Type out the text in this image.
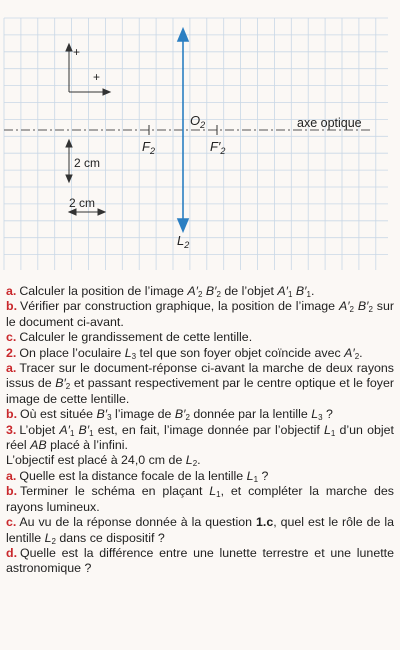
+
+
2 cm
2 cm
$O_2$
$F_2$	$F'_2$
$L_2$
axe optique

a. Calculer la position de l’image $A'_2$ $B'_2$ de l’objet $A'_1$ $B'_1$.

b. Vérifier par construction graphique, la position de l’image $A'_2$ $B'_2$ sur le document ci-avant.

c. Calculer le grandissement de cette lentille.

2. On place l’oculaire $L_3$ tel que son foyer objet coïncide avec $A'_2$.

a. Tracer sur le document-réponse ci-avant la marche de deux rayons issus de $B'_2$ et passant respectivement par le centre optique et le foyer image de cette lentille.

b. Où est située $B'_3$ l’image de $B'_2$ donnée par la lentille $L_3$ ?

3. L’objet $A'_1$ $B'_1$ est, en fait, l’image donnée par l’objectif $L_1$ d’un objet réel AB placé à l’infini.

L’objectif est placé à 24,0 cm de $L_2$.

a. Quelle est la distance focale de la lentille $L_1$ ?

b. Terminer le schéma en plaçant $L_1$, et compléter la marche des rayons lumineux.

c. Au vu de la réponse donnée à la question 1.c, quel est le rôle de la lentille $L_2$ dans ce dispositif ?

d. Quelle est la différence entre une lunette terrestre et une lunette astronomique ?
